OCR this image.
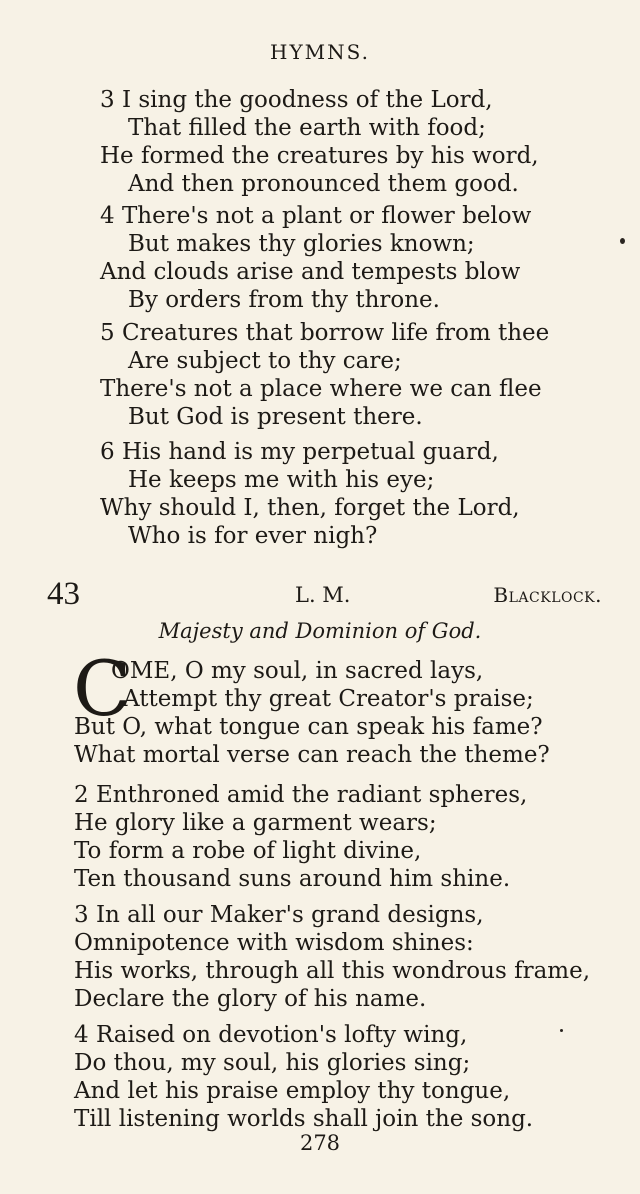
HYMNS.
3 I sing the goodness of the Lord,
That filled the earth with food;
He formed the creatures by his word,
And then pronounced them good.
4 There's not a plant or flower below
But makes thy glories known;
And clouds arise and tempests blow
By orders from thy throne.
5 Creatures that borrow life from thee
Are subject to thy care;
There's not a place where we can flee
But God is present there.
6 His hand is my perpetual guard,
He keeps me with his eye;
Why should I, then, forget the Lord,
Who is for ever nigh?
43	L. M.	Blacklock.
Majesty and Dominion of God.
C
OME, O my soul, in sacred lays,
Attempt thy great Creator's praise;
But O, what tongue can speak his fame?
What mortal verse can reach the theme?
2 Enthroned amid the radiant spheres,
He glory like a garment wears;
To form a robe of light divine,
Ten thousand suns around him shine.
3 In all our Maker's grand designs,
Omnipotence with wisdom shines:
His works, through all this wondrous frame,
Declare the glory of his name.
4 Raised on devotion's lofty wing,
Do thou, my soul, his glories sing;
And let his praise employ thy tongue,
Till listening worlds shall join the song.
278
